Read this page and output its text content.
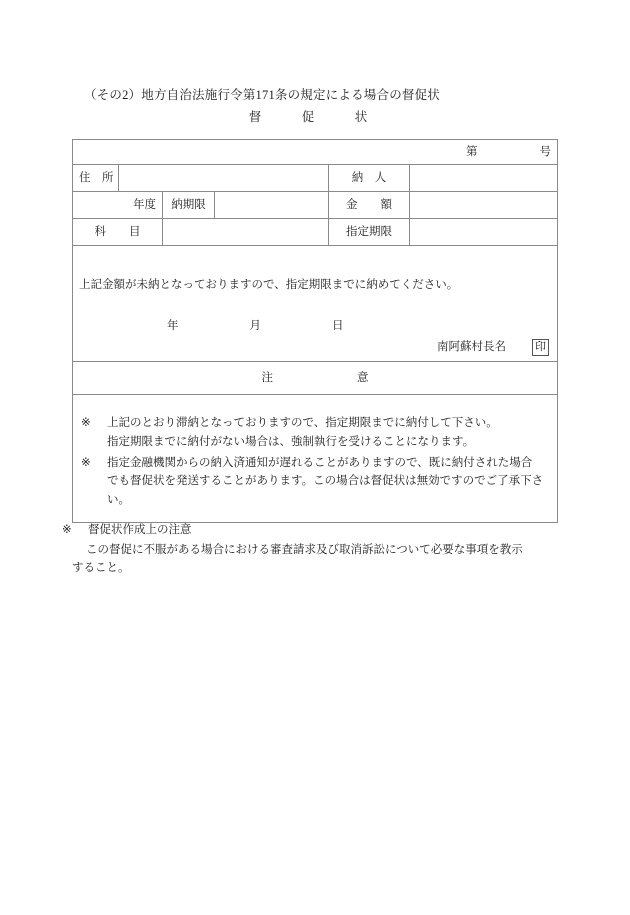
（その2）地方自治法施行令第171条の規定による場合の督促状
督　促　状
第 号					
住　所				納　人	
年度		納期限		金　　額	
科　　目				指定期限	

上記金額が未納となっておりますので、指定期限までに納めてください。
年　　月　　日
南阿蘇村長名 印					

注 意					

※	上記のとおり滞納となっておりますので、指定期限までに納付して下さい。
指定期限までに納付がない場合は、強制執行を受けることになります。
※	指定金融機関からの納入済通知が遅れることがありますので、既に納付された場合
でも督促状を発送することがあります。この場合は督促状は無効ですのでご了承下さ
い。
※	督促状作成上の注意
この督促に不服がある場合における審査請求及び取消訴訟について必要な事項を教示
すること。
